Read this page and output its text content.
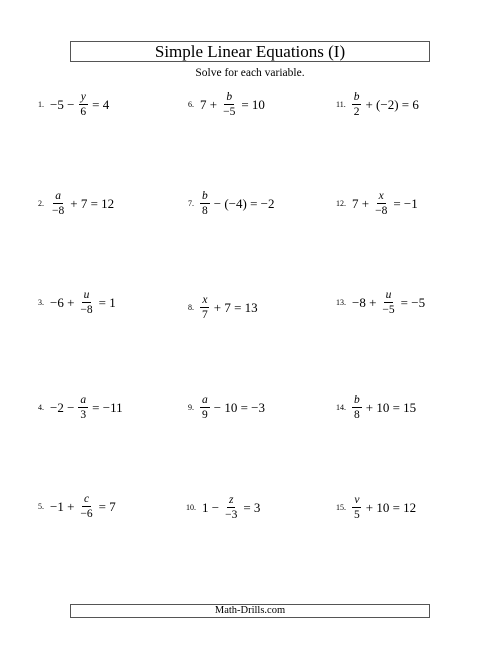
Simple Linear Equations (I)
Solve for each variable.
1. $-5 - \frac{y}{6} = 4$
2. $\frac{a}{-8} + 7 = 12$
3. $-6 + \frac{u}{-8} = 1$
4. $-2 - \frac{a}{3} = -11$
5. $-1 + \frac{c}{-6} = 7$
6. $7 + \frac{b}{-5} = 10$
7. $\frac{b}{8} - (-4) = -2$
8. $\frac{x}{7} + 7 = 13$
9. $\frac{a}{9} - 10 = -3$
10. $1 - \frac{z}{-3} = 3$
11. $\frac{b}{2} + (-2) = 6$
12. $7 + \frac{x}{-8} = -1$
13. $-8 + \frac{u}{-5} = -5$
14. $\frac{b}{8} + 10 = 15$
15. $\frac{v}{5} + 10 = 12$
Math-Drills.com
